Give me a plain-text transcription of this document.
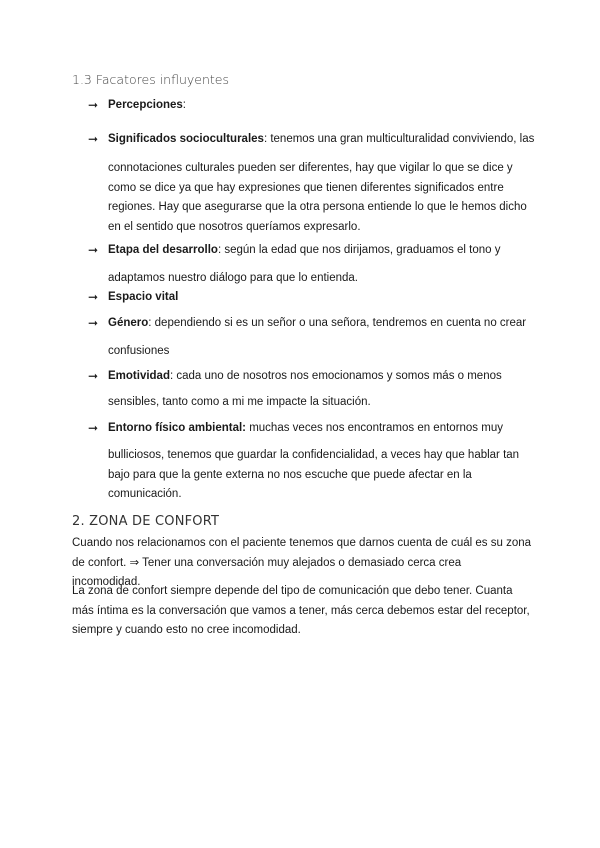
1.3 Facatores influyentes
➞ Percepciones:
➞ Significados socioculturales: tenemos una gran multiculturalidad conviviendo, las
connotaciones culturales pueden ser diferentes, hay que vigilar lo que se dice y como se dice ya que hay expresiones que tienen diferentes significados entre regiones. Hay que asegurarse que la otra persona entiende lo que le hemos dicho en el sentido que nosotros queríamos expresarlo.
➞ Etapa del desarrollo: según la edad que nos dirijamos, graduamos el tono y
adaptamos nuestro diálogo para que lo entienda.
➞ Espacio vital
➞ Género: dependiendo si es un señor o una señora, tendremos en cuenta no crear
confusiones
➞ Emotividad: cada uno de nosotros nos emocionamos y somos más o menos
sensibles, tanto como a mi me impacte la situación.
➞ Entorno físico ambiental: muchas veces nos encontramos en entornos muy
bulliciosos, tenemos que guardar la confidencialidad, a veces hay que hablar tan bajo para que la gente externa no nos escuche que puede afectar en la comunicación.
2. ZONA DE CONFORT
Cuando nos relacionamos con el paciente tenemos que darnos cuenta de cuál es su zona de confort. ⇒ Tener una conversación muy alejados o demasiado cerca crea incomodidad.
La zona de confort siempre depende del tipo de comunicación que debo tener. Cuanta más íntima es la conversación que vamos a tener, más cerca debemos estar del receptor, siempre y cuando esto no cree incomodidad.
